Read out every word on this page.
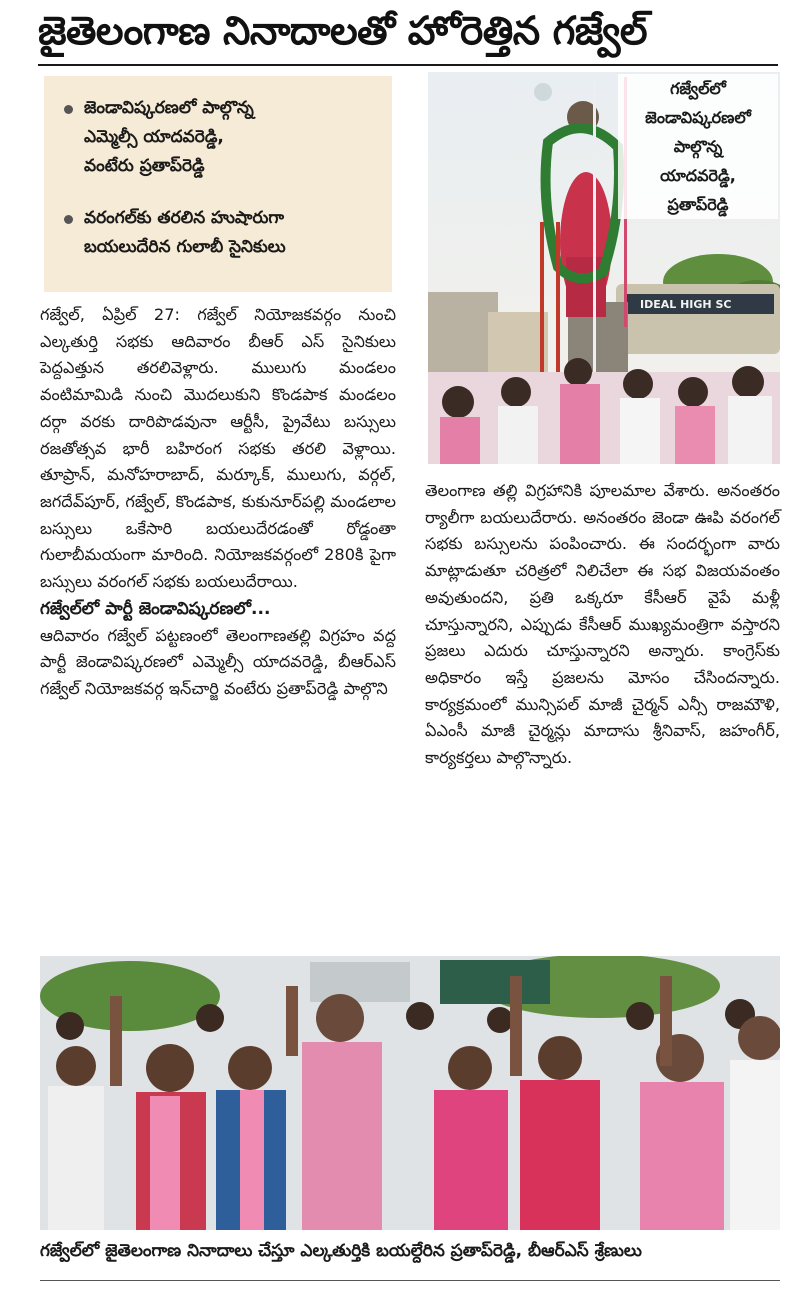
జైతెలంగాణ నినాదాలతో హోరెత్తిన గజ్వేల్
జెండావిష్కరణలో పాల్గొన్న
ఎమ్మెల్సీ యాదవరెడ్డి,
వంటేరు ప్రతాప్‌రెడ్డి
వరంగల్‌కు తరలిన హుషారుగా
బయలుదేరిన గులాబీ సైనికులు
IDEAL HIGH SC
గజ్వేల్‌లో
జెండావిష్కరణలో
పాల్గొన్న
యాదవరెడ్డి,
ప్రతాప్‌రెడ్డి

గజ్వేల్, ఏప్రిల్ 27: గజ్వేల్ నియోజకవర్గం నుంచి ఎల్కతుర్తి సభకు ఆదివారం బీఆర్ ఎస్ సైనికులు పెద్దఎత్తున తరలివెళ్లారు. ములుగు మండలం వంటిమామిడి నుంచి మొదలుకుని కొండపాక మండలం దర్గా వరకు దారిపొడవునా ఆర్టీసీ, ప్రైవేటు బస్సులు రజతోత్సవ భారీ బహిరంగ సభకు తరలి వెళ్లాయి. తూప్రాన్, మనోహరాబాద్, మర్కూక్, ములుగు, వర్గల్, జగదేవ్‌పూర్, గజ్వేల్, కొండపాక, కుకునూర్‌పల్లి మండలాల బస్సులు ఒకేసారి బయలుదేరడంతో రోడ్డంతా గులాబీమయంగా మారింది. నియోజకవర్గంలో 280కి పైగా బస్సులు వరంగల్ సభకు బయలుదేరాయి.

గజ్వేల్‌లో పార్టీ జెండావిష్కరణలో...

ఆదివారం గజ్వేల్ పట్టణంలో తెలంగాణతల్లి విగ్రహం వద్ద పార్టీ జెండావిష్కరణలో ఎమ్మెల్సీ యాదవరెడ్డి, బీఆర్ఎస్ గజ్వేల్ నియోజకవర్గ ఇన్‌చార్జి వంటేరు ప్రతాప్‌రెడ్డి పాల్గొని

తెలంగాణ తల్లి విగ్రహానికి పూలమాల వేశారు. అనంతరం ర్యాలీగా బయలుదేరారు. అనంతరం జెండా ఊపి వరంగల్ సభకు బస్సులను పంపించారు. ఈ సందర్భంగా వారు మాట్లాడుతూ చరిత్రలో నిలిచేలా ఈ సభ విజయవంతం అవుతుందని, ప్రతి ఒక్కరూ కేసీఆర్ వైపే మళ్లీ చూస్తున్నారని, ఎప్పుడు కేసీఆర్ ముఖ్యమంత్రిగా వస్తారని ప్రజలు ఎదురు చూస్తున్నారని అన్నారు. కాంగ్రెస్‌కు అధికారం ఇస్తే ప్రజలను మోసం చేసిందన్నారు. కార్యక్రమంలో మున్సిపల్ మాజీ చైర్మన్ ఎన్సీ రాజమౌళి, ఏఎంసీ మాజీ చైర్మన్లు మాదాసు శ్రీనివాస్, జహంగీర్, కార్యకర్తలు పాల్గొన్నారు.

గజ్వేల్‌లో జైతెలంగాణ నినాదాలు చేస్తూ ఎల్కతుర్తికి బయల్దేరిన ప్రతాప్‌రెడ్డి, బీఆర్ఎస్ శ్రేణులు
